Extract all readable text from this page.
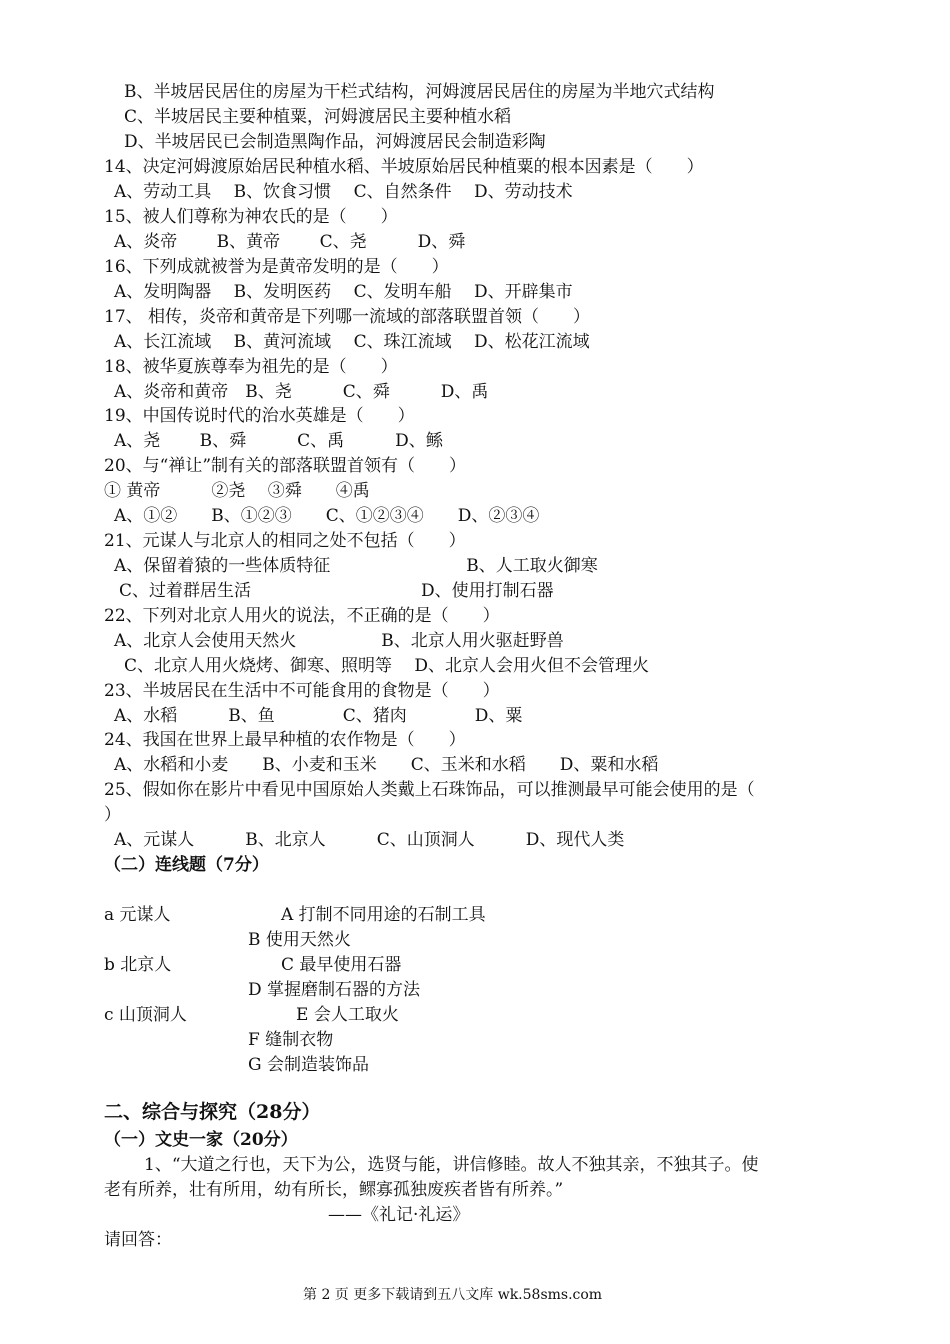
B、半坡居民居住的房屋为干栏式结构，河姆渡居民居住的房屋为半地穴式结构
C、半坡居民主要种植粟，河姆渡居民主要种植水稻
D、半坡居民已会制造黑陶作品，河姆渡居民会制造彩陶
14、决定河姆渡原始居民种植水稻、半坡原始居民种植粟的根本因素是（　　）
A、劳动工具　 B、饮食习惯　 C、自然条件　 D、劳动技术
15、被人们尊称为神农氏的是（　　）
A、炎帝　　 B、黄帝　　 C、尧　　　D、舜
16、下列成就被誉为是黄帝发明的是（　　）
A、发明陶器　 B、发明医药　 C、发明车船　 D、开辟集市
17、 相传，炎帝和黄帝是下列哪一流域的部落联盟首领（　　）
A、长江流域　 B、黄河流域　 C、珠江流域　 D、松花江流域
18、被华夏族尊奉为祖先的是（　　）
A、炎帝和黄帝　B、尧　　　C、舜　　　D、禹
19、中国传说时代的治水英雄是（　　）
A、尧　　 B、舜　　　C、禹　　　D、鲧
20、与“禅让”制有关的部落联盟首领有（　　）
① 黄帝　　　②尧　 ③舜　　④禹
A、①②　　B、①②③　　C、①②③④　　D、②③④
21、元谋人与北京人的相同之处不包括（　　）
A、保留着猿的一些体质特征　　　　　　　　B、人工取火御寒
C、过着群居生活　　　　　　　　　　D、使用打制石器
22、下列对北京人用火的说法，不正确的是（　　）
A、北京人会使用天然火　　　　　B、北京人用火驱赶野兽
C、北京人用火烧烤、御寒、照明等　 D、北京人会用火但不会管理火
23、半坡居民在生活中不可能食用的食物是（　　）
A、水稻　　　B、鱼　　　　C、猪肉　　　　D、粟
24、我国在世界上最早种植的农作物是（　　）
A、水稻和小麦　　B、小麦和玉米　　C、玉米和水稻　　D、粟和水稻
25、假如你在影片中看见中国原始人类戴上石珠饰品，可以推测最早可能会使用的是（
）
A、元谋人　　　B、北京人　　　C、山顶洞人　　　D、现代人类
（二）连线题（7分）
a 元谋人	A 打制不同用途的石制工具
B 使用天然火
b 北京人	C 最早使用石器
D 掌握磨制石器的方法
c 山顶洞人	E 会人工取火
F 缝制衣物
G 会制造装饰品
二、综合与探究（28分）
（一）文史一家（20分）
1、“大道之行也，天下为公，选贤与能，讲信修睦。故人不独其亲，不独其子。使
老有所养，壮有所用，幼有所长，鳏寡孤独废疾者皆有所养。”
——《礼记·礼运》
请回答：
第 2 页 更多下载请到五八文库 wk.58sms.com
